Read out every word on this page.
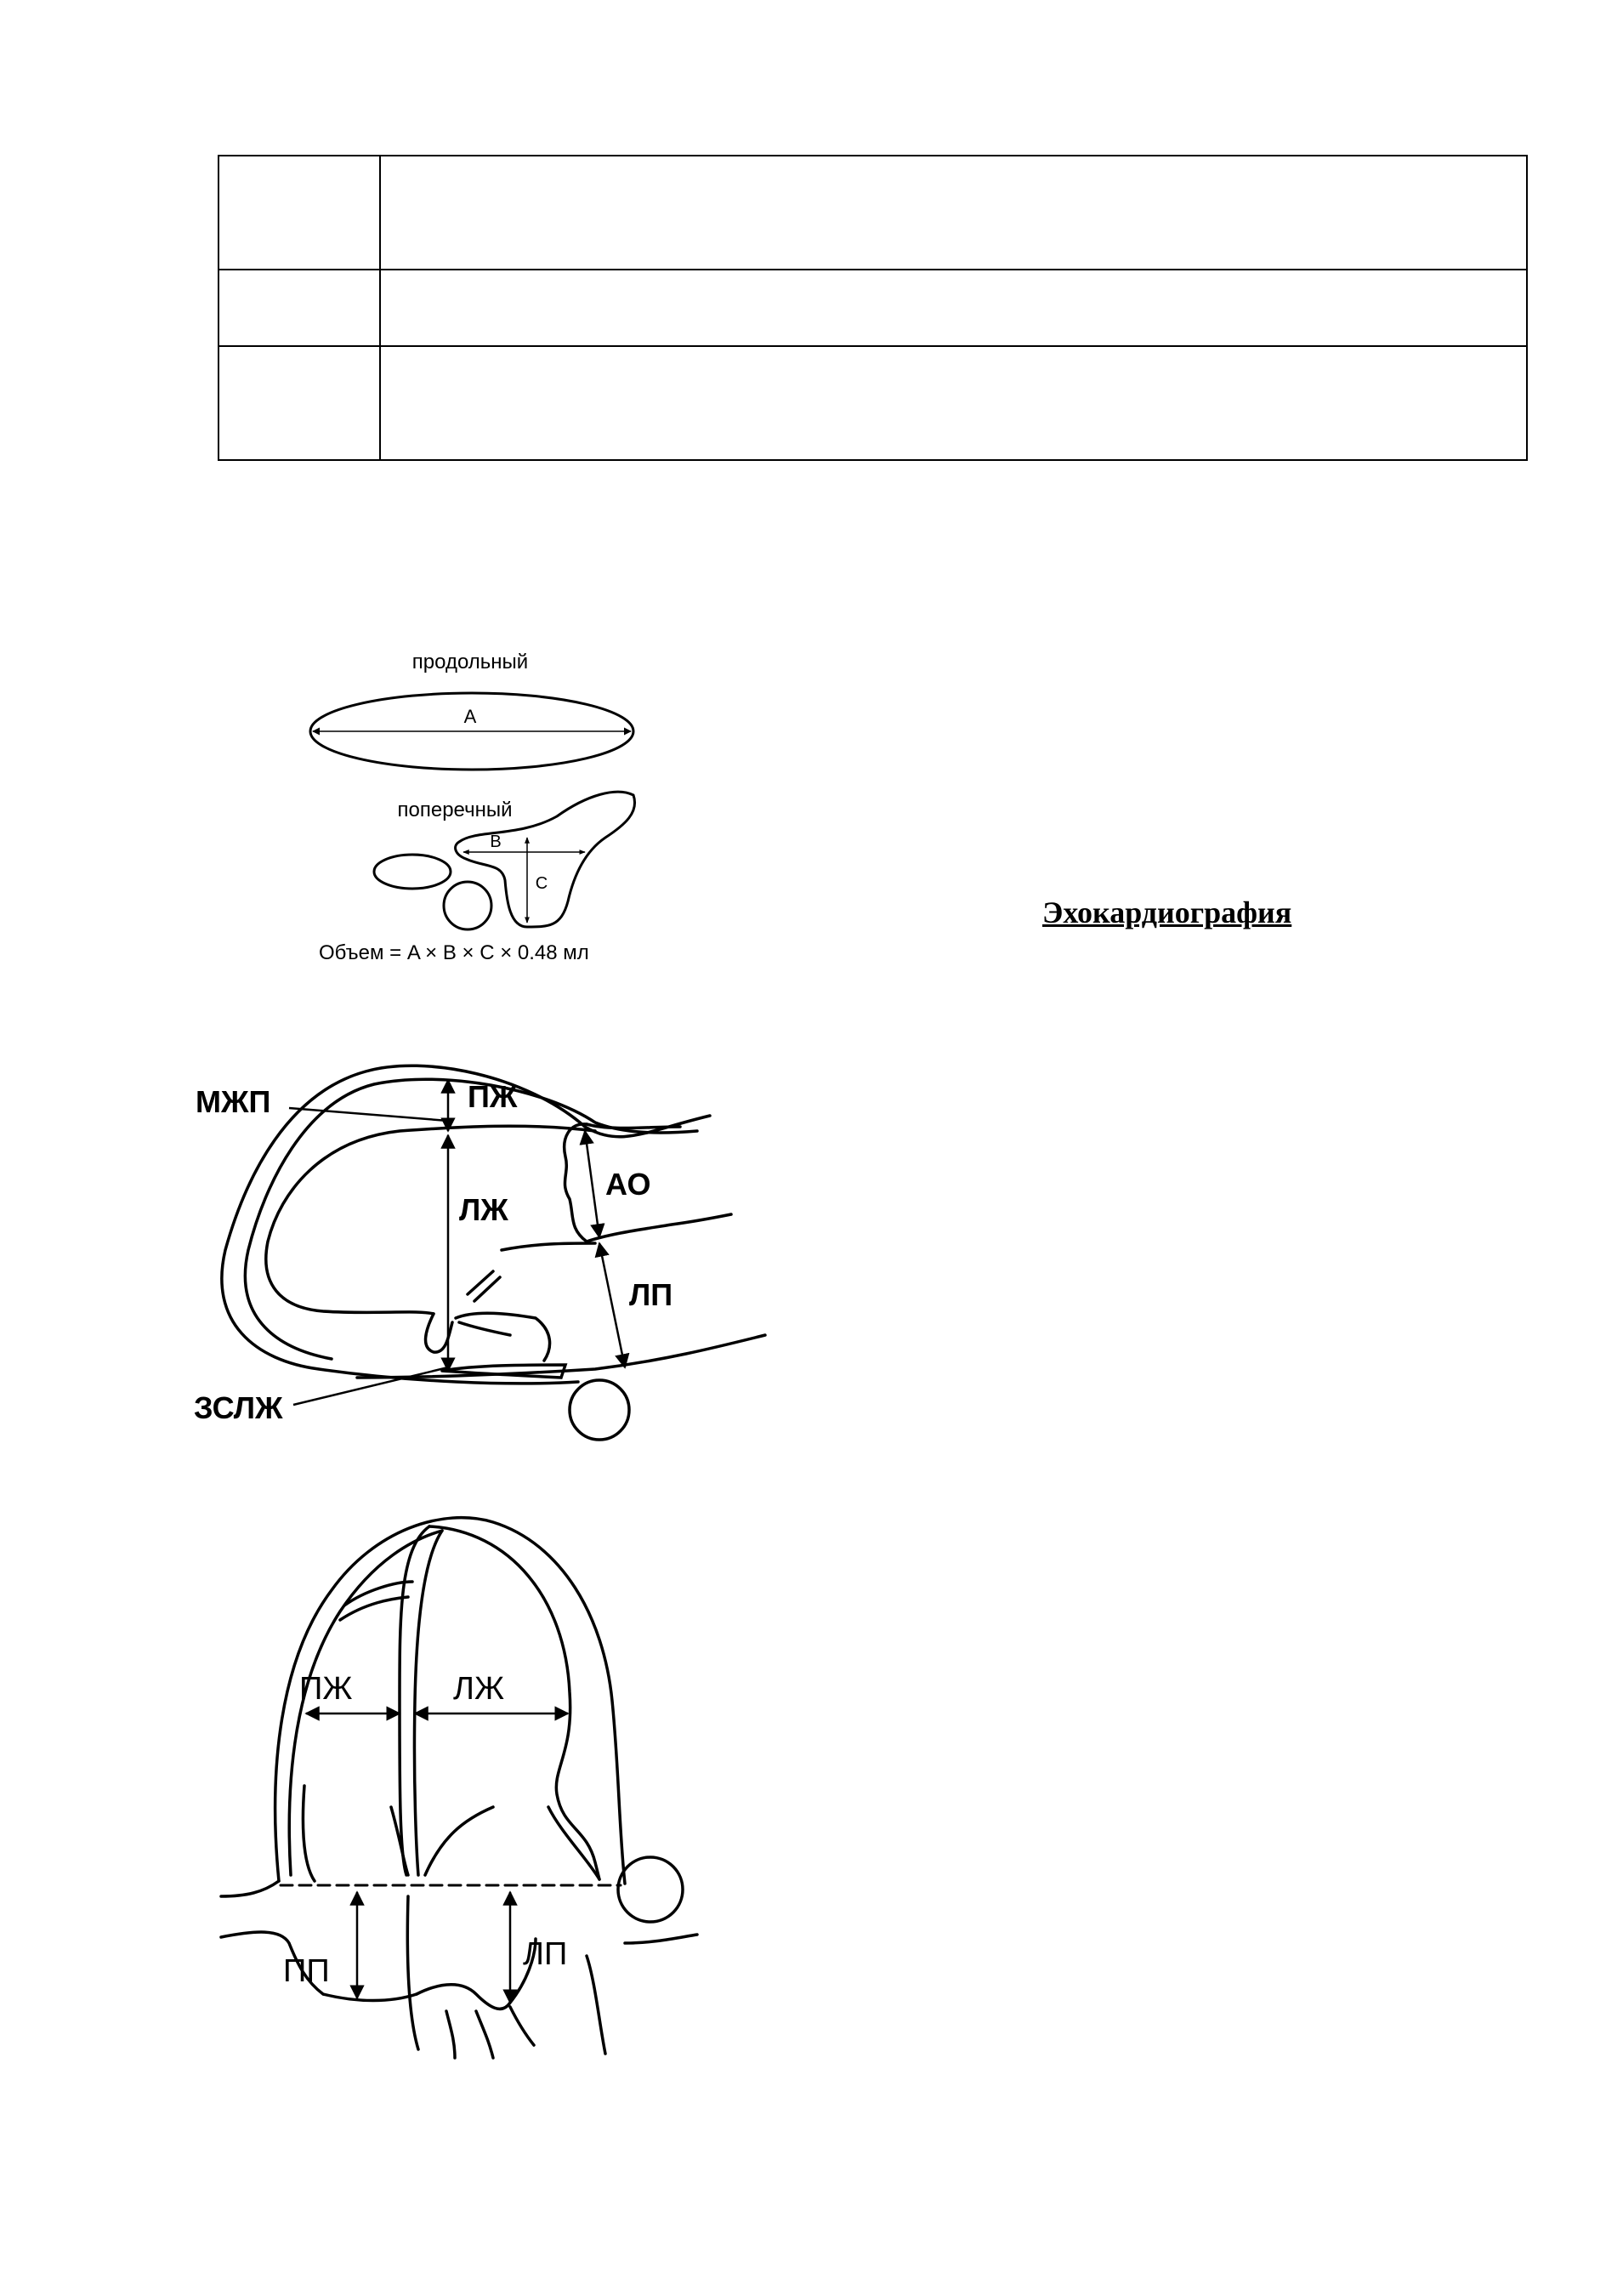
продольный
A
поперечный
B
C
Объем = A × B × C × 0.48 мл
Эхокардиография
МЖП	ПЖ
ЛЖ
АО
ЛП
ЗСЛЖ
ПЖ	ЛЖ
ПП	ЛП
